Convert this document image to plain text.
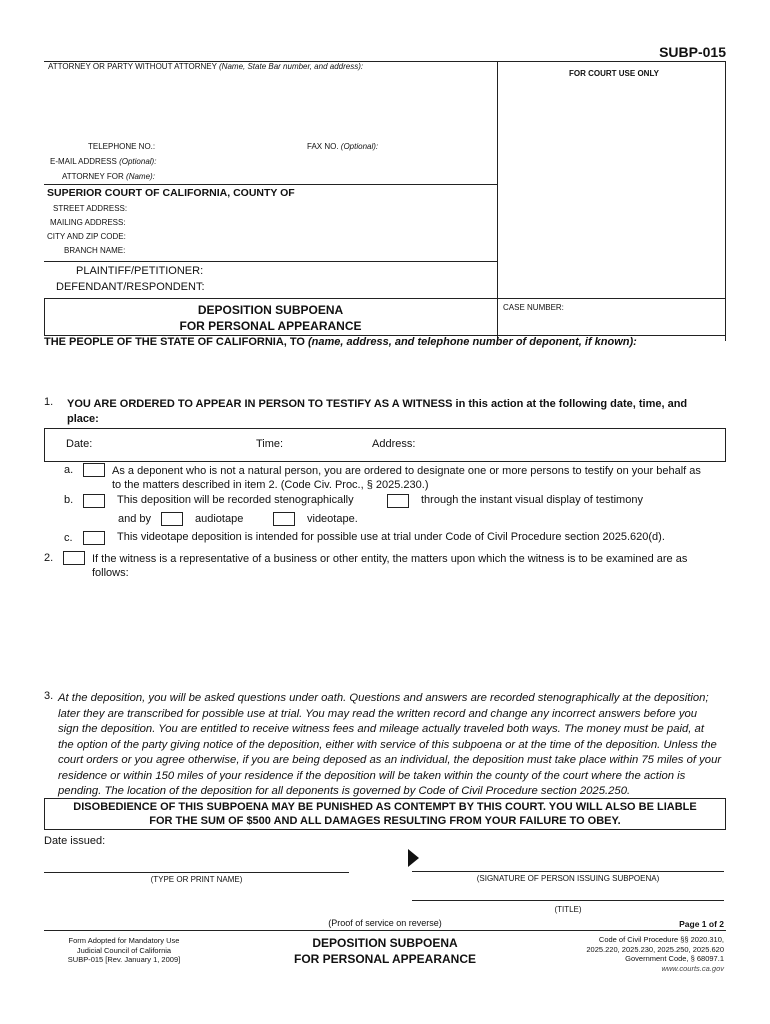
SUBP-015
ATTORNEY OR PARTY WITHOUT ATTORNEY (Name, State Bar number, and address):
FOR COURT USE ONLY
TELEPHONE NO.:	FAX NO. (Optional):
E-MAIL ADDRESS (Optional):
ATTORNEY FOR (Name):
SUPERIOR COURT OF CALIFORNIA, COUNTY OF
STREET ADDRESS:
MAILING ADDRESS:
CITY AND ZIP CODE:
BRANCH NAME:
PLAINTIFF/PETITIONER:
DEFENDANT/RESPONDENT:
DEPOSITION SUBPOENA
FOR PERSONAL APPEARANCE
CASE NUMBER:
THE PEOPLE OF THE STATE OF CALIFORNIA, TO (name, address, and telephone number of deponent, if known):
1. YOU ARE ORDERED TO APPEAR IN PERSON TO TESTIFY AS A WITNESS in this action at the following date, time, and
place:
Date:	Time:	Address:
a.	As a deponent who is not a natural person, you are ordered to designate one or more persons to testify on your behalf as
to the matters described in item 2. (Code Civ. Proc., § 2025.230.)
b.	This deposition will be recorded stenographically	through the instant visual display of testimony
and by	audiotape	videotape.
c.	This videotape deposition is intended for possible use at trial under Code of Civil Procedure section 2025.620(d).
2.	If the witness is a representative of a business or other entity, the matters upon which the witness is to be examined are as
follows:
3. At the deposition, you will be asked questions under oath. Questions and answers are recorded stenographically at the deposition;
later they are transcribed for possible use at trial. You may read the written record and change any incorrect answers before you
sign the deposition. You are entitled to receive witness fees and mileage actually traveled both ways. The money must be paid, at
the option of the party giving notice of the deposition, either with service of this subpoena or at the time of the deposition. Unless the
court orders or you agree otherwise, if you are being deposed as an individual, the deposition must take place within 75 miles of your
residence or within 150 miles of your residence if the deposition will be taken within the county of the court where the action is
pending. The location of the deposition for all deponents is governed by Code of Civil Procedure section 2025.250.
DISOBEDIENCE OF THIS SUBPOENA MAY BE PUNISHED AS CONTEMPT BY THIS COURT. YOU WILL ALSO BE LIABLE
FOR THE SUM OF $500 AND ALL DAMAGES RESULTING FROM YOUR FAILURE TO OBEY.
Date issued:
(TYPE OR PRINT NAME)	(SIGNATURE OF PERSON ISSUING SUBPOENA)
(TITLE)
(Proof of service on reverse)	Page 1 of 2
Form Adopted for Mandatory Use
Judicial Council of California
SUBP-015 [Rev. January 1, 2009]
DEPOSITION SUBPOENA
FOR PERSONAL APPEARANCE
Code of Civil Procedure §§ 2020.310,
2025.220, 2025.230, 2025.250, 2025.620
Government Code, § 68097.1
www.courts.ca.gov
